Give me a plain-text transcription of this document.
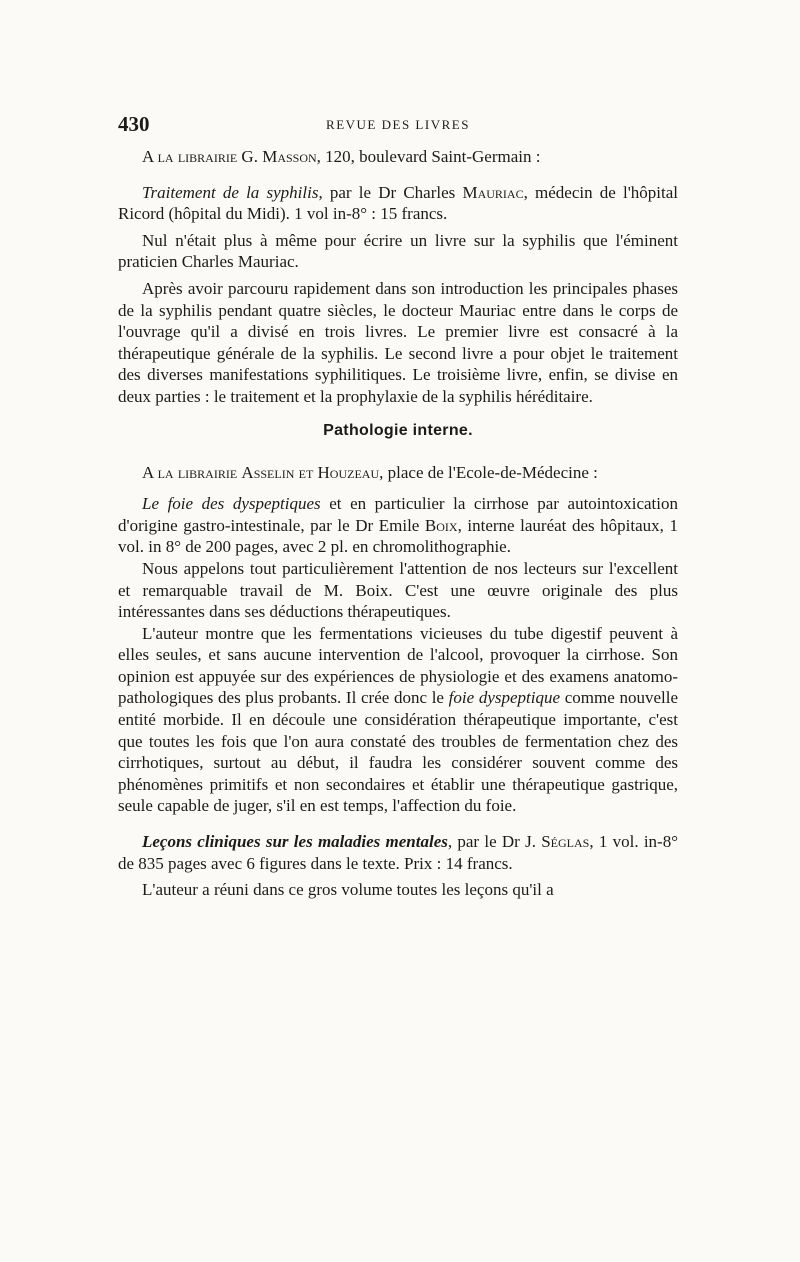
430	REVUE DES LIVRES

A la librairie G. Masson, 120, boulevard Saint-Germain :

Traitement de la syphilis, par le Dr Charles Mauriac, médecin de l'hôpital Ricord (hôpital du Midi). 1 vol in-8° : 15 francs.

Nul n'était plus à même pour écrire un livre sur la syphilis que l'éminent praticien Charles Mauriac.

Après avoir parcouru rapidement dans son introduction les principales phases de la syphilis pendant quatre siècles, le docteur Mauriac entre dans le corps de l'ouvrage qu'il a divisé en trois livres. Le premier livre est consacré à la thérapeutique générale de la syphilis. Le second livre a pour objet le traitement des diverses manifestations syphilitiques. Le troisième livre, enfin, se divise en deux parties : le traitement et la prophylaxie de la syphilis héréditaire.

Pathologie interne.

A la librairie Asselin et Houzeau, place de l'Ecole-de-Médecine :

Le foie des dyspeptiques et en particulier la cirrhose par autointoxication d'origine gastro-intestinale, par le Dr Emile Boix, interne lauréat des hôpitaux, 1 vol. in 8° de 200 pages, avec 2 pl. en chromolithographie.

Nous appelons tout particulièrement l'attention de nos lecteurs sur l'excellent et remarquable travail de M. Boix. C'est une œuvre originale des plus intéressantes dans ses déductions thérapeutiques.

L'auteur montre que les fermentations vicieuses du tube digestif peuvent à elles seules, et sans aucune intervention de l'alcool, provoquer la cirrhose. Son opinion est appuyée sur des expériences de physiologie et des examens anatomo-pathologiques des plus probants. Il crée donc le foie dyspeptique comme nouvelle entité morbide. Il en découle une considération thérapeutique importante, c'est que toutes les fois que l'on aura constaté des troubles de fermentation chez des cirrhotiques, surtout au début, il faudra les considérer souvent comme des phénomènes primitifs et non secondaires et établir une thérapeutique gastrique, seule capable de juger, s'il en est temps, l'affection du foie.

Leçons cliniques sur les maladies mentales, par le Dr J. Séglas, 1 vol. in-8° de 835 pages avec 6 figures dans le texte. Prix : 14 francs.

L'auteur a réuni dans ce gros volume toutes les leçons qu'il a
